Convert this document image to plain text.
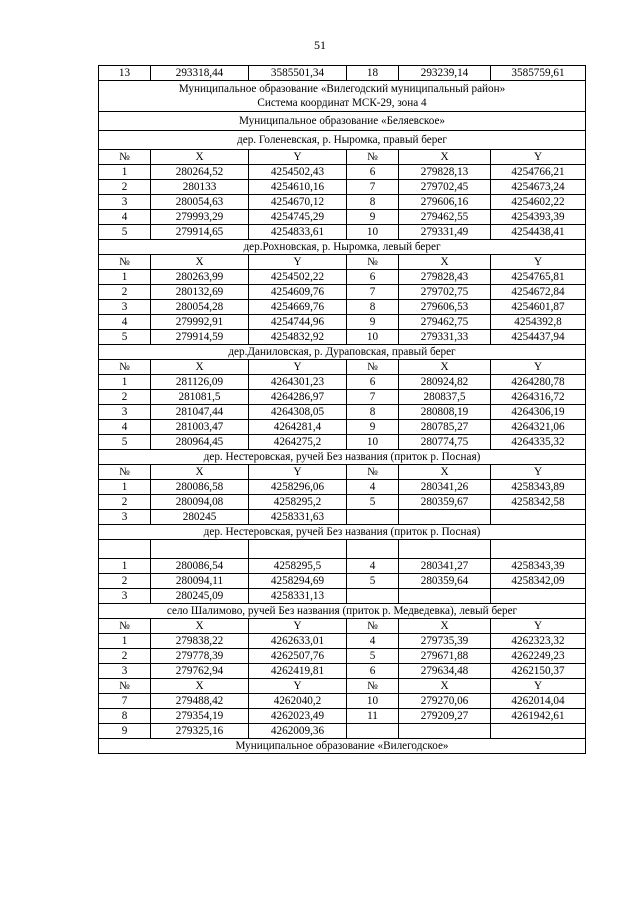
51
13	293318,44	3585501,34	18	293239,14	3585759,61

Муниципальное образование «Вилегодский муниципальный район»
Система координат МСК-29, зона 4					

Муниципальное образование «Беляевское»					
дер. Голеневская, р. Ныромка, правый берег					
№	X	Y	№	X	Y
1	280264,52	4254502,43	6	279828,13	4254766,21
2	280133	4254610,16	7	279702,45	4254673,24
3	280054,63	4254670,12	8	279606,16	4254602,22
4	279993,29	4254745,29	9	279462,55	4254393,39
5	279914,65	4254833,61	10	279331,49	4254438,41
дер.Рохновская, р. Ныромка, левый берег					
№	X	Y	№	X	Y
1	280263,99	4254502,22	6	279828,43	4254765,81
2	280132,69	4254609,76	7	279702,75	4254672,84
3	280054,28	4254669,76	8	279606,53	4254601,87
4	279992,91	4254744,96	9	279462,75	4254392,8
5	279914,59	4254832,92	10	279331,33	4254437,94
дер.Даниловская, р. Дураповская, правый берег					
№	X	Y	№	X	Y
1	281126,09	4264301,23	6	280924,82	4264280,78
2	281081,5	4264286,97	7	280837,5	4264316,72
3	281047,44	4264308,05	8	280808,19	4264306,19
4	281003,47	4264281,4	9	280785,27	4264321,06
5	280964,45	4264275,2	10	280774,75	4264335,32
дер. Нестеровская, ручей Без названия (приток р. Посная)					
№	X	Y	№	X	Y
1	280086,58	4258296,06	4	280341,26	4258343,89
2	280094,08	4258295,2	5	280359,67	4258342,58
3	280245	4258331,63			
дер. Нестеровская, ручей Без названия (приток р. Посная)					

1	280086,54	4258295,5	4	280341,27	4258343,39
2	280094,11	4258294,69	5	280359,64	4258342,09
3	280245,09	4258331,13			
село Шалимово, ручей Без названия (приток р. Медведевка), левый берег					
№	X	Y	№	X	Y
1	279838,22	4262633,01	4	279735,39	4262323,32
2	279778,39	4262507,76	5	279671,88	4262249,23
3	279762,94	4262419,81	6	279634,48	4262150,37
№	X	Y	№	X	Y
7	279488,42	4262040,2	10	279270,06	4262014,04
8	279354,19	4262023,49	11	279209,27	4261942,61
9	279325,16	4262009,36			
Муниципальное образование «Вилегодское»					
